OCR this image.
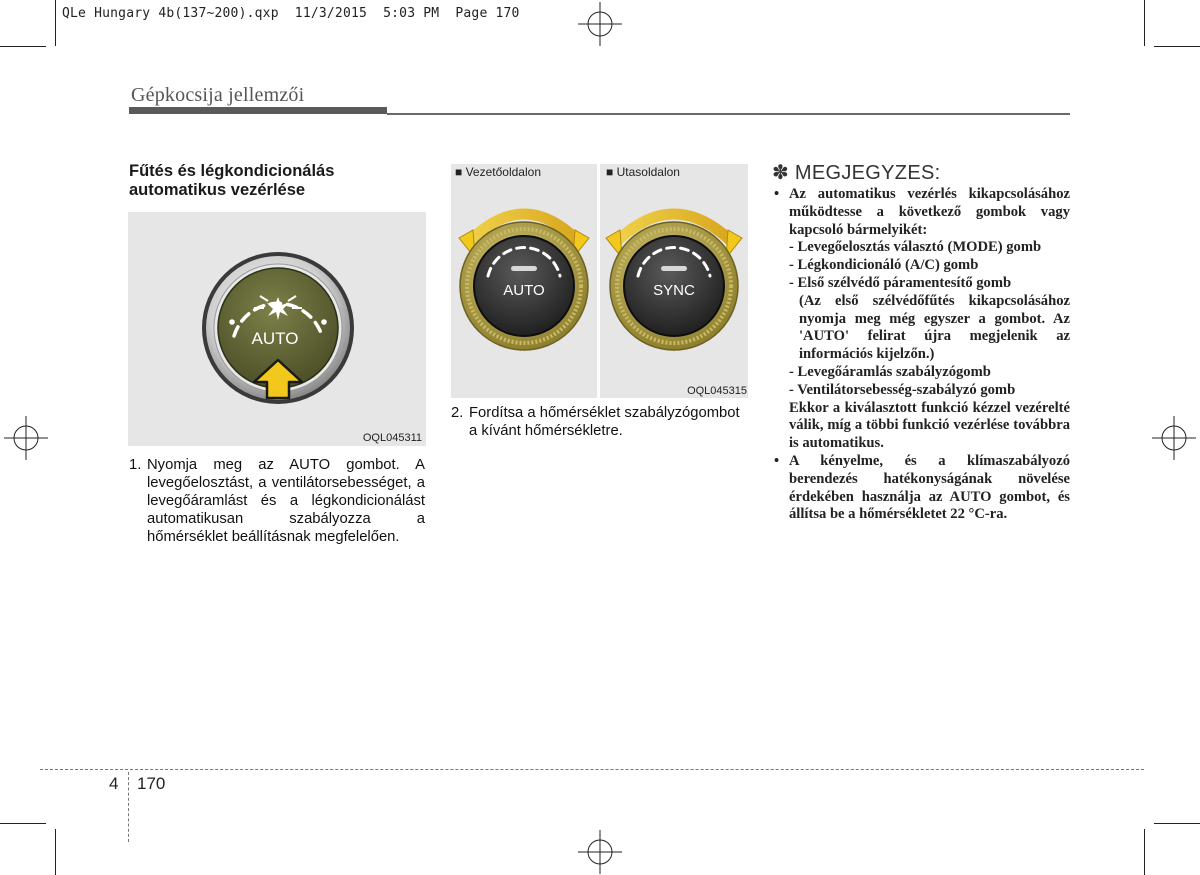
QLe Hungary 4b(137~200).qxp 11/3/2015 5:03 PM Page 170
Gépkocsija jellemzői
Fűtés és légkondicionálás automatikus vezérlése
AUTO
OQL045311
■ Vezetőoldalon
AUTO
■ Utasoldalon
SYNC
OQL045315
1. Nyomja meg az AUTO gombot. A levegőelosztást, a ventilátorsebességet, a levegőáramlást és a légkondicionálást automatikusan szabályozza a hőmérséklet beállításnak megfelelően.
2. Fordítsa a hőmérséklet szabályzógombot a kívánt hőmérsékletre.
✽ MEGJEGYZES:
• Az automatikus vezérlés kikapcsolásához működtesse a következő gombok vagy kapcsoló bármelyikét:
- Levegőelosztás választó (MODE) gomb
- Légkondicionáló (A/C) gomb
- Első szélvédő páramentesítő gomb
(Az első szélvédőfűtés kikapcsolásához nyomja meg még egyszer a gombot. Az 'AUTO' felirat újra megjelenik az információs kijelzőn.)
- Levegőáramlás szabályzógomb
- Ventilátorsebesség-szabályzó gomb
Ekkor a kiválasztott funkció kézzel vezérelté válik, míg a többi funkció vezérlése továbbra is automatikus.
• A kényelme, és a klímaszabályozó berendezés hatékonyságának növelése érdekében használja az AUTO gombot, és állítsa be a hőmérsékletet 22 °C-ra.
4 170
